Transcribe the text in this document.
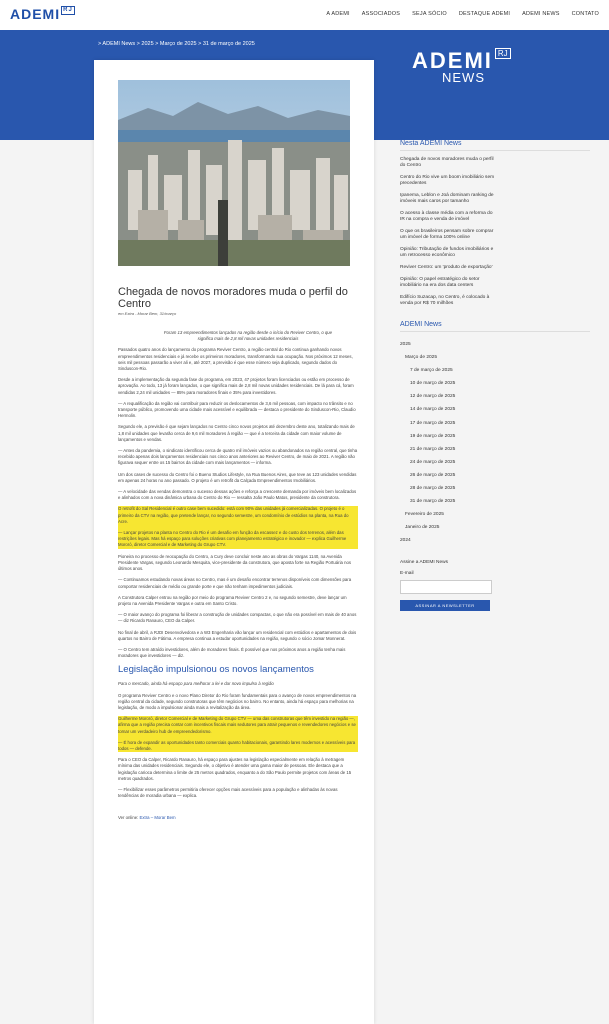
ADEMI RJ
A ADEMI ASSOCIADOS SEJA SÓCIO DESTAQUE ADEMI ADEMI NEWS CONTATO
> ADEMI News > 2025 > Março de 2025 > 31 de março de 2025
ADEMI RJ
NEWS
Chegada de novos moradores muda o perfil do Centro
em Extra - Morar Bem, 31/março

Foram 13 empreendimentos lançados na região desde o início do Reviver Centro, o que significa mais de 2,8 mil novas unidades residenciais

Passados quatro anos do lançamento do programa Reviver Centro, a região central do Rio continua ganhando novos empreendimentos residenciais e já recebe os primeiros moradores, transformando sua ocupação. Nos próximos 12 meses, seis mil pessoas passarão a viver ali e, até 2027, a previsão é que esse número seja duplicado, segundo dados do Sinduscon-Rio.

Desde a implementação da segunda fase do programa, em 2023, 47 projetos foram licenciados ou estão em processo de aprovação. Ao todo, 13 já foram lançados, o que significa mais de 2,8 mil novas unidades residenciais. De lá para cá, foram vendidas 2,24 mil unidades — 85% para moradores finais e 35% para investidores.

— A requalificação da região vai contribuir para reduzir os deslocamentos de 3,6 mil pessoas, com impacto no trânsito e no transporte público, promovendo uma cidade mais acessível e equilibrada — destaca o presidente do Sinduscon-Rio, Claudio Hermolin.

Segundo ele, a previsão é que sejam lançados no Centro cinco novos projetos até dezembro deste ano, totalizando mais de 1,8 mil unidades que levarão cerca de 9,6 mil moradores à região — que é a terceira da cidade com maior volume de lançamentos e vendas.

— Antes da pandemia, o sindicato identificou cerca de quatro mil imóveis vazios ou abandonados na região central, que tinha recebido apenas dois lançamentos residenciais nos cinco anos anteriores ao Reviver Centro, de maio de 2021. A região não figurava sequer entre os 15 bairros da cidade com mais lançamentos — informa.

Um dos cases de sucesso do Centro foi o Bueno Studios Lifestyle, na Rua Buenos Aires, que teve as 123 unidades vendidas em apenas 24 horas no ano passado. O projeto é um retrofit da Calçada Empreendimentos Imobiliários.

— A velocidade das vendas demonstra o sucesso dessas ações e reforça a crescente demanda por imóveis bem localizados e alinhados com a nova dinâmica urbana do Centro do Rio — ressalta João Paulo Matos, presidente da construtora.

O retrofit do Sal Residencial é outro case bem sucedido: está com 90% das unidades já comercializadas. O projeto é o primeiro da CTV na região, que pretende lançar, no segundo semestre, um condomínio de estúdios na planta, na Rua do Acre.

— Lançar projetos na planta no Centro do Rio é um desafio em função da escassez e do custo dos terrenos, além das restrições legais. Mas há espaço para soluções criativas com planejamento estratégico e inovador — explica Guilherme Mororó, diretor Comercial e de Marketing do Grupo CTV.

Pioneira no processo de reocupação do Centro, a Cury deve concluir neste ano as obras do Vargas 1140, na Avenida Presidente Vargas, segundo Leonardo Mesquita, vice-presidente da construtora, que aposta forte na Região Portuária nos últimos anos.

— Continuamos estudando novas áreas no Centro, mas é um desafio encontrar terrenos disponíveis com dimensões para comportar residenciais de médio ou grande porte e que não tenham impedimentos judiciais.

A Construtora Calper entrou na região por meio do programa Reviver Centro 2 e, no segundo semestre, deve lançar um projeto na Avenida Presidente Vargas e outra em Santo Cristo.

— O maior avanço do programa foi liberar a construção de unidades compactas, o que não era possível em mais de 40 anos — diz Ricardo Ranauro, CEO da Calper.

No final de abril, a RJDI Desenvolvedora e a W3 Engenharia vão lançar um residencial com estúdios e apartamentos de dois quartos no Bairro de Fátima. A empresa continua a estudar oportunidades na região, segundo o sócio Jomar Monnerat.

— O Centro tem atraído investidores, além de moradores finais. É possível que nos próximos anos a região tenha mais moradores que investidores — diz.

Legislação impulsionou os novos lançamentos

Para o mercado, ainda há espaço para melhorar a lei e dar novo impulso à região

O programa Reviver Centro e o novo Plano Diretor do Rio foram fundamentais para o avanço de novos empreendimentos na região central da cidade, segundo construtoras que têm negócios no bairro. No entanto, ainda há espaço para melhorias na legislação, de modo a impulsionar ainda mais a revitalização da área.

Guilherme Mororó, diretor Comercial e de Marketing do Grupo CTV — uma das construtoras que têm investido na região —, afirma que a região precisa contar com incentivos fiscais mais sedutores para atrair pequenos e revendedores negócios e se tornar um verdadeiro hub de empreendedorismo.

— É hora de expandir as oportunidades tanto comerciais quanto habitacionais, garantindo lares modernos e acessíveis para todos — defende.

Para o CEO da Calper, Ricardo Ranauro, há espaço para ajustes na legislação especialmente em relação à metragem mínima das unidades residenciais. Segundo ele, o objetivo é atender uma gama maior de pessoas. Ele destaca que a legislação carioca determina o limite de 25 metros quadrados, enquanto a do São Paulo permite projetos com áreas de 15 metros quadrados.

— Flexibilizar esses parâmetros permitiria oferecer opções mais acessíveis para a população e alinhadas às novas tendências de moradia urbana — explica.

Ver online: Extra – Morar Bem

Nesta ADEMI News
Chegada de novos moradores muda o perfil do Centro
Centro do Rio vive um boom imobiliário sem precedentes
Ipanema, Leblon e Joá dominam ranking de imóveis mais caros por tamanho
O acesso à classe média com a reforma do IR na compra e venda de imóvel
O que os brasileiros pensam sobre comprar um imóvel de forma 100% online
Opinião: Tributação de fundos imobiliários e um retrocesso econômico
Reviver Centro: um 'produto de exportação'
Opinião: O papel estratégico do setor imobiliário na era dos data centers
Edifício Suzacap, no Centro, é colocado à venda por R$ 70 milhões
ADEMI News
2025
Março de 2025
7 de março de 2025
10 de março de 2025
12 de março de 2025
14 de março de 2025
17 de março de 2025
19 de março de 2025
21 de março de 2025
24 de março de 2025
26 de março de 2025
28 de março de 2025
31 de março de 2025
Fevereiro de 2025
Janeiro de 2025
2024
Assine a ADEMI News
E-mail
ASSINAR A NEWSLETTER
